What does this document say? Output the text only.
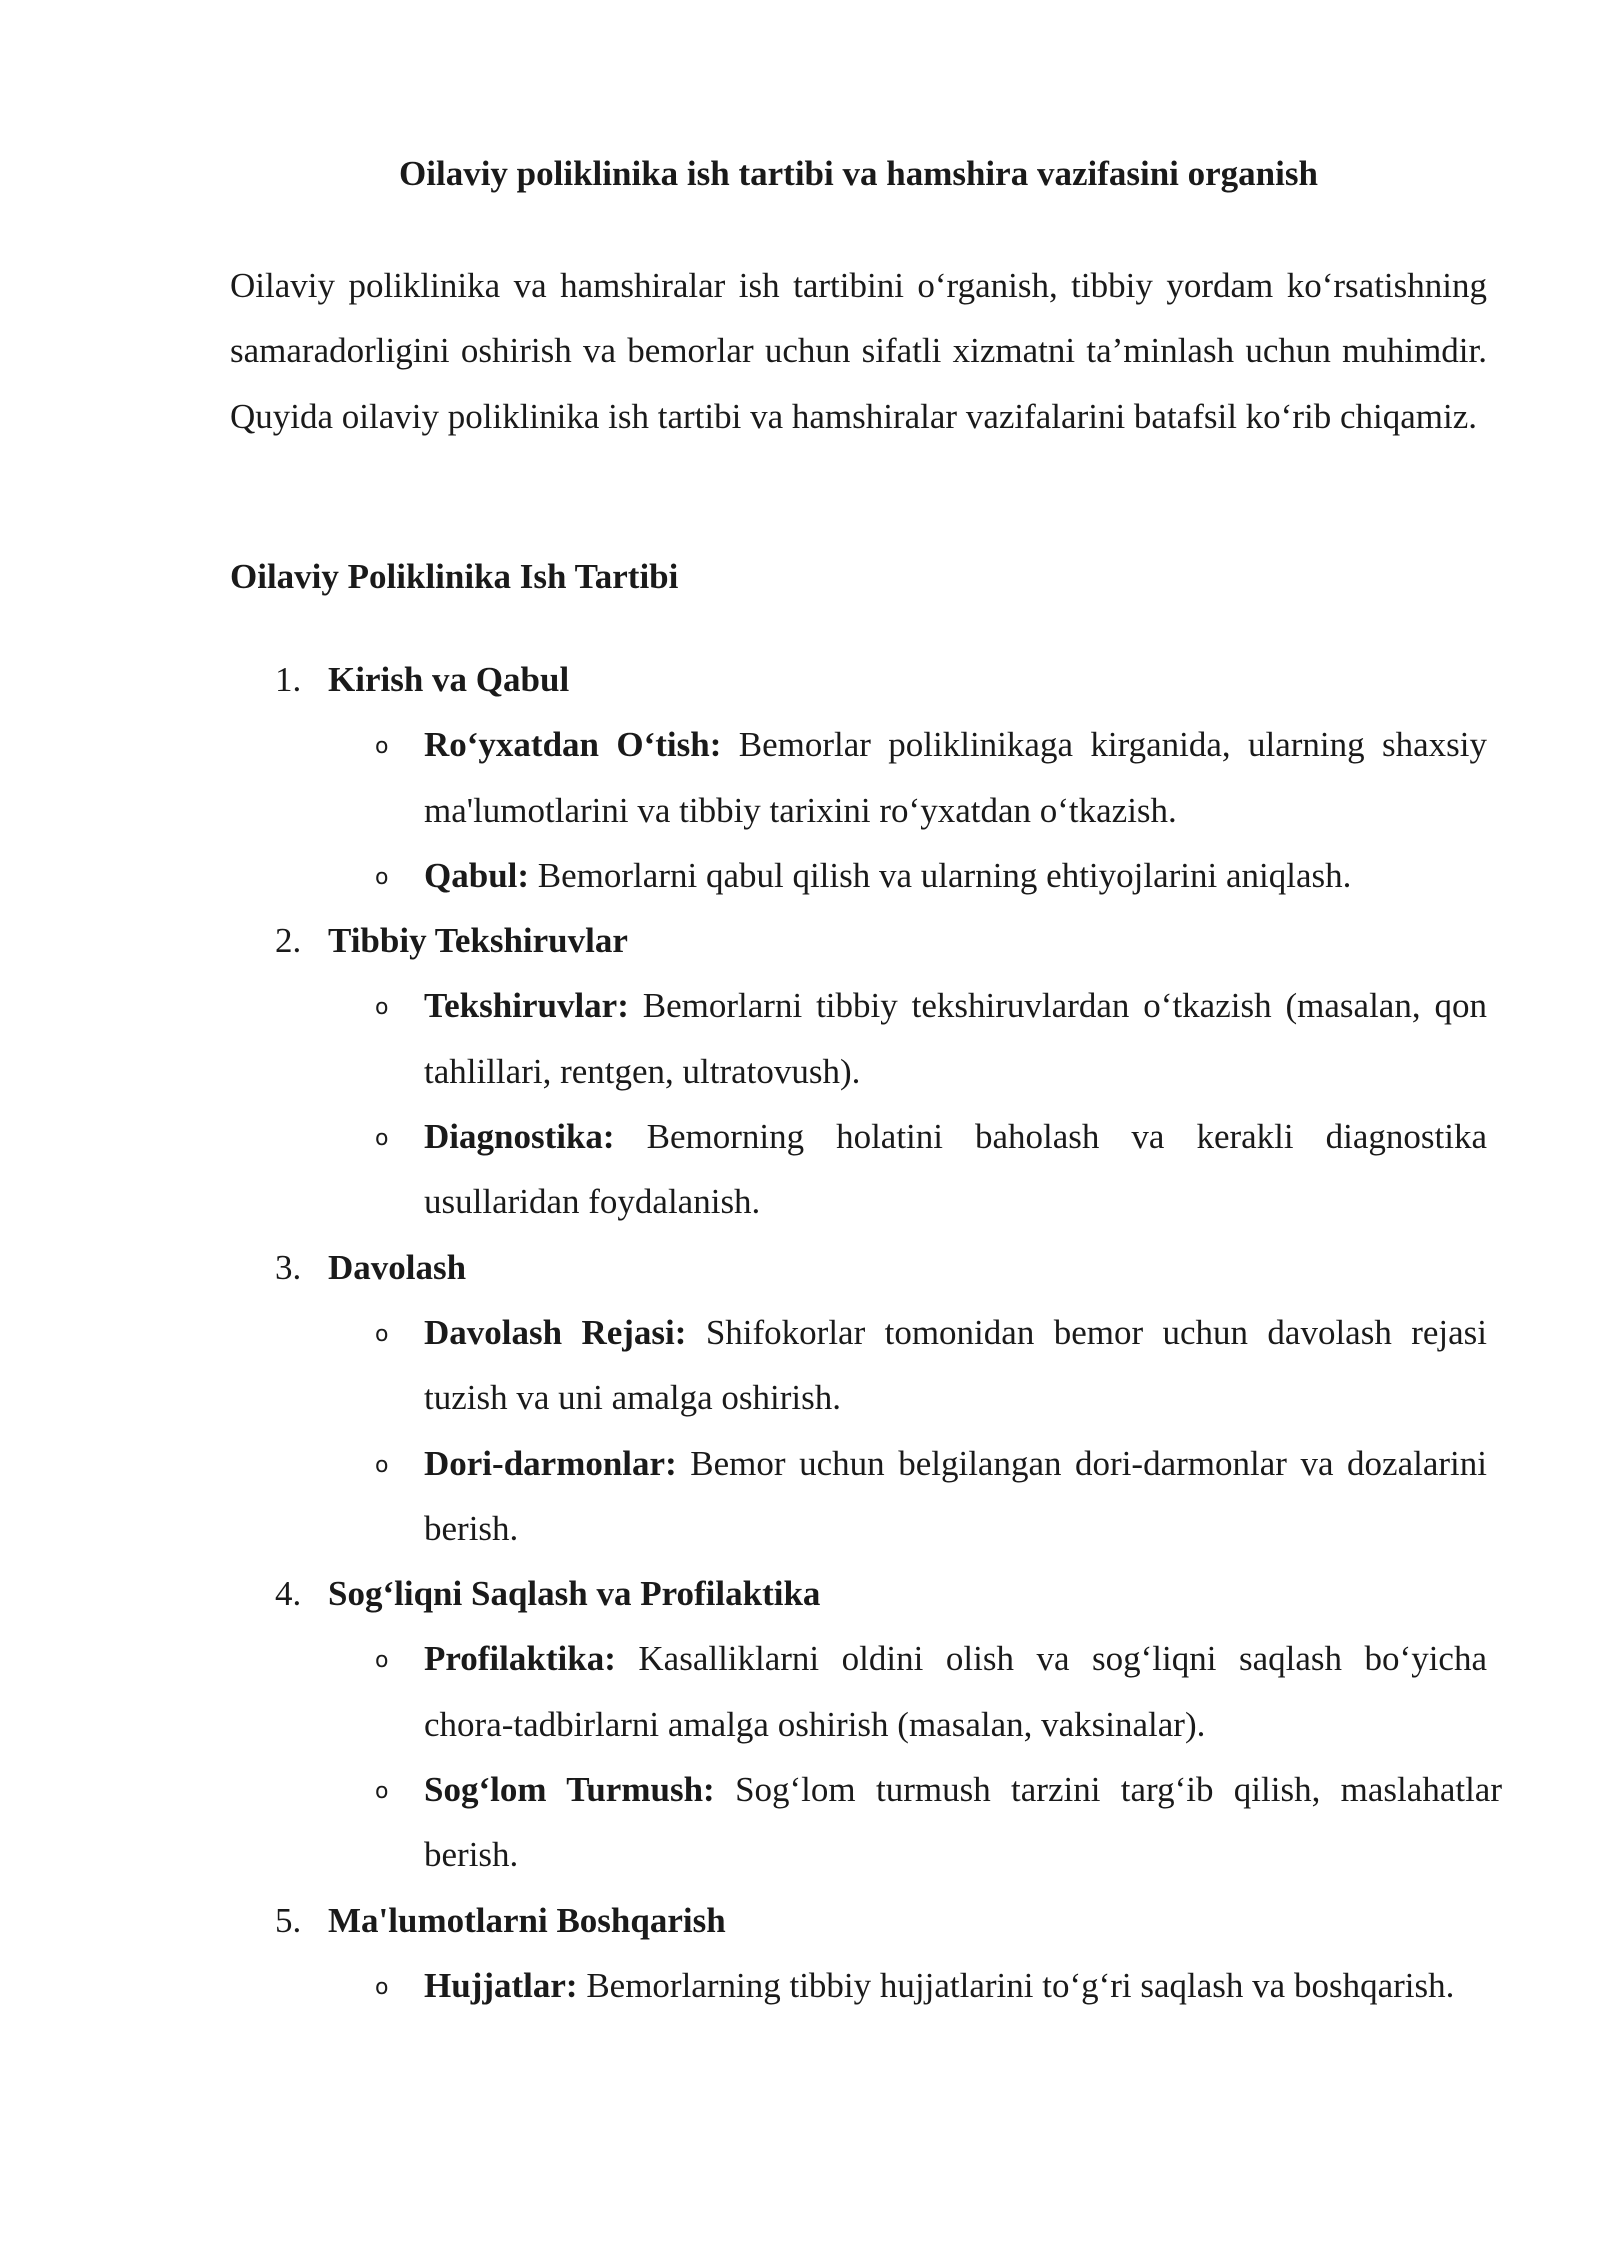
Oilaviy poliklinika ish tartibi va hamshira vazifasini organish

Oilaviy poliklinika va hamshiralar ish tartibini o‘rganish, tibbiy yordam ko‘rsatishning samaradorligini oshirish va bemorlar uchun sifatli xizmatni ta’minlash uchun muhimdir. Quyida oilaviy poliklinika ish tartibi va hamshiralar vazifalarini batafsil ko‘rib chiqamiz.

Oilaviy Poliklinika Ish Tartibi
1. Kirish va Qabul
o Ro‘yxatdan O‘tish: Bemorlar poliklinikaga kirganida, ularning shaxsiy ma'lumotlarini va tibbiy tarixini ro‘yxatdan o‘tkazish.
o Qabul: Bemorlarni qabul qilish va ularning ehtiyojlarini aniqlash.
2. Tibbiy Tekshiruvlar
o Tekshiruvlar: Bemorlarni tibbiy tekshiruvlardan o‘tkazish (masalan, qon tahlillari, rentgen, ultratovush).
o Diagnostika: Bemorning holatini baholash va kerakli diagnostika usullaridan foydalanish.
3. Davolash
o Davolash Rejasi: Shifokorlar tomonidan bemor uchun davolash rejasi tuzish va uni amalga oshirish.
o Dori-darmonlar: Bemor uchun belgilangan dori-darmonlar va dozalarini berish.
4. Sog‘liqni Saqlash va Profilaktika
o Profilaktika: Kasalliklarni oldini olish va sog‘liqni saqlash bo‘yicha chora-tadbirlarni amalga oshirish (masalan, vaksinalar).
o Sog‘lom Turmush: Sog‘lom turmush tarzini targ‘ib qilish, maslahatlar berish.
5. Ma'lumotlarni Boshqarish
o Hujjatlar: Bemorlarning tibbiy hujjatlarini to‘g‘ri saqlash va boshqarish.
